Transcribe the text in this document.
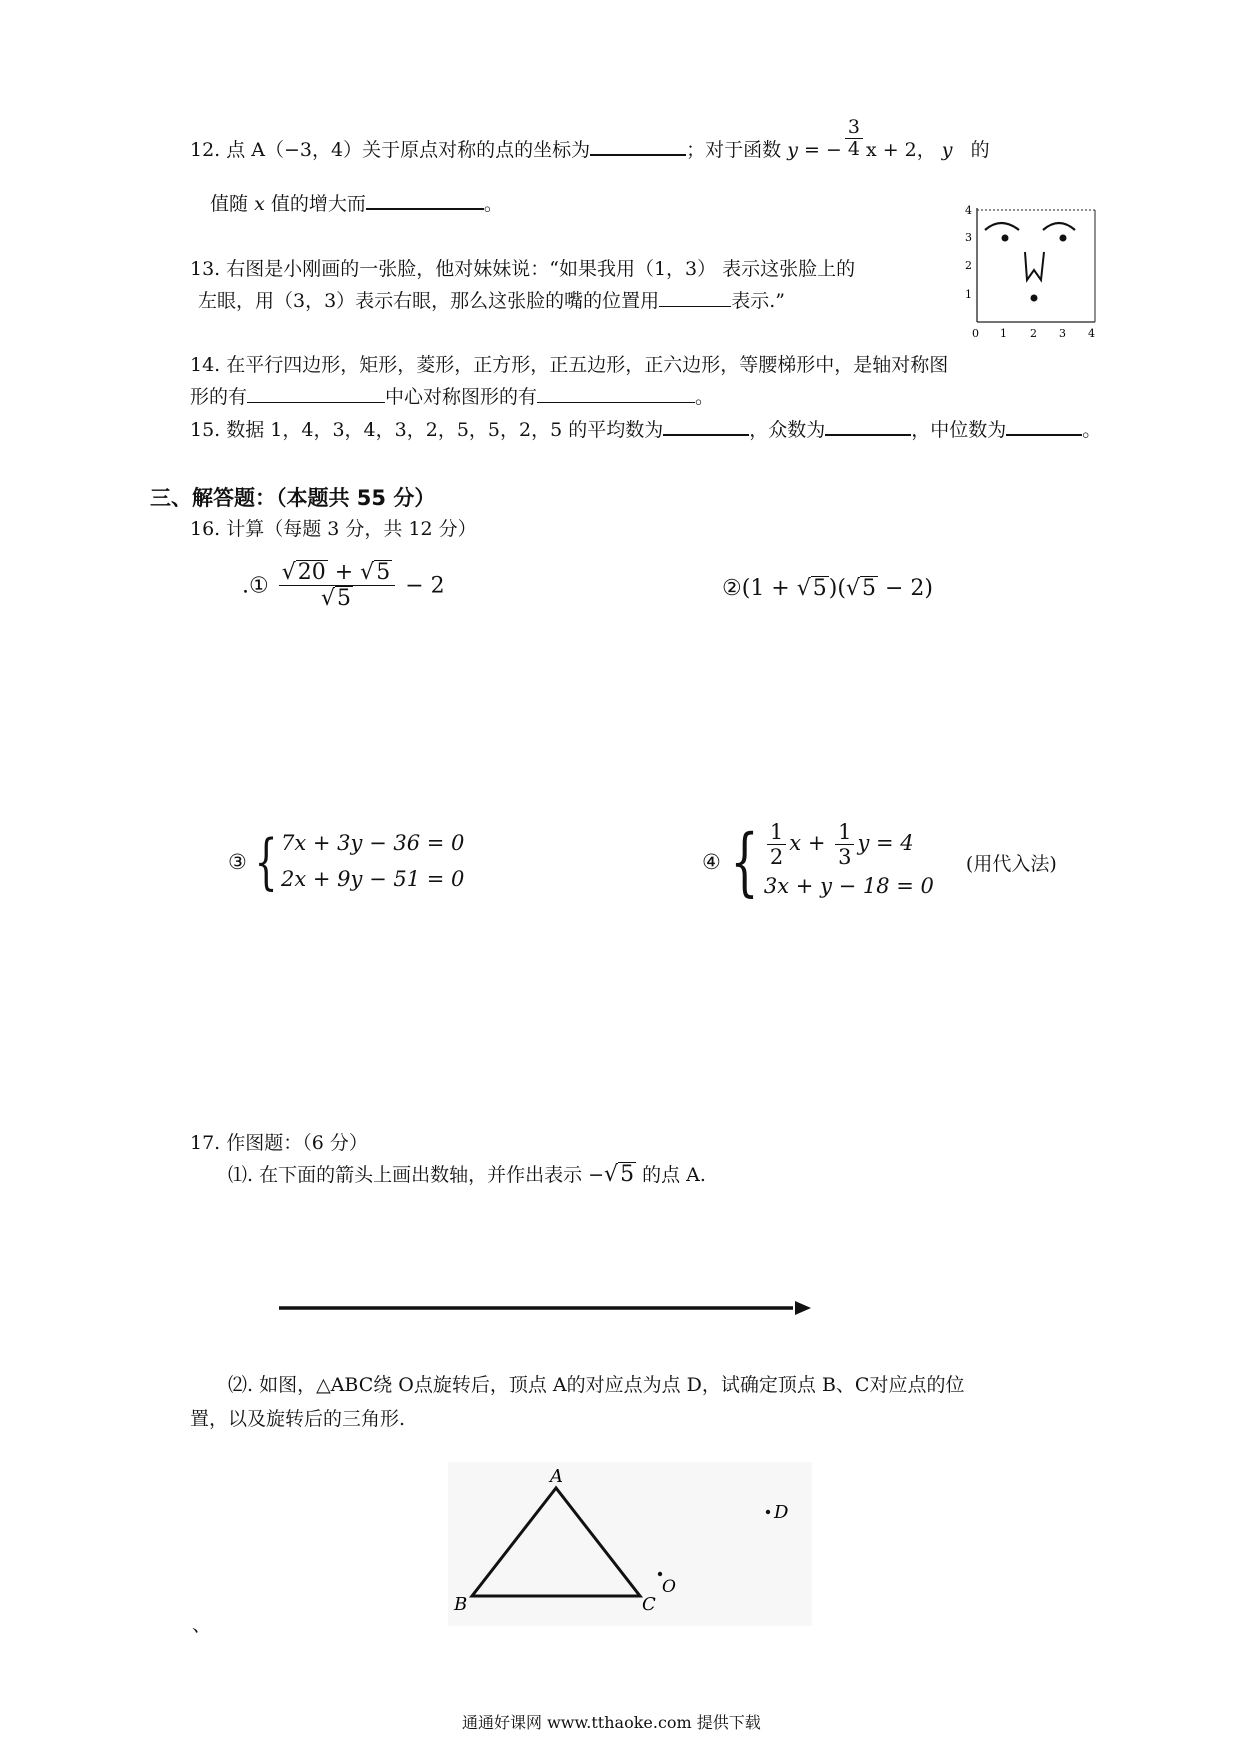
12. 点 A（−3，4）关于原点对称的点的坐标为	；对于函数 y = − $\frac{3}{4}$ x + 2， y 的
值随 x 值的增大而	。
13. 右图是小刚画的一张脸，他对妹妹说：“如果我用（1，3） 表示这张脸上的
左眼，用（3，3）表示右眼，那么这张脸的嘴的位置用	表示.”
4
3
2
1
0 1 2 3 4
14. 在平行四边形，矩形，菱形，正方形，正五边形，正六边形，等腰梯形中，是轴对称图
形的有	中心对称图形的有	。
15. 数据 1，4，3，4，3，2，5，5，2，5 的平均数为	，众数为	，中位数为	。
三、解答题：（本题共 55 分）
16. 计算（每题 3 分，共 12 分）
.① $\frac{√20 + √5}{√5} - 2$	②(1 + √5)(√5 − 2)
③ { 7x + 3y − 36 = 0
2x + 9y − 51 = 0
④ { $\frac{1}{2}$ $x + \frac{1}{3}$ y = 4
3x + y − 18 = 0
(用代入法)
17. 作图题：（6 分）
⑴. 在下面的箭头上画出数轴，并作出表示 −√5 的点 A.
⑵. 如图，△ABC绕 O点旋转后，顶点 A的对应点为点 D，试确定顶点 B、C对应点的位
置，以及旋转后的三角形.
A
B	C
O
D
、
通通好课网 www.tthaoke.com 提供下载
